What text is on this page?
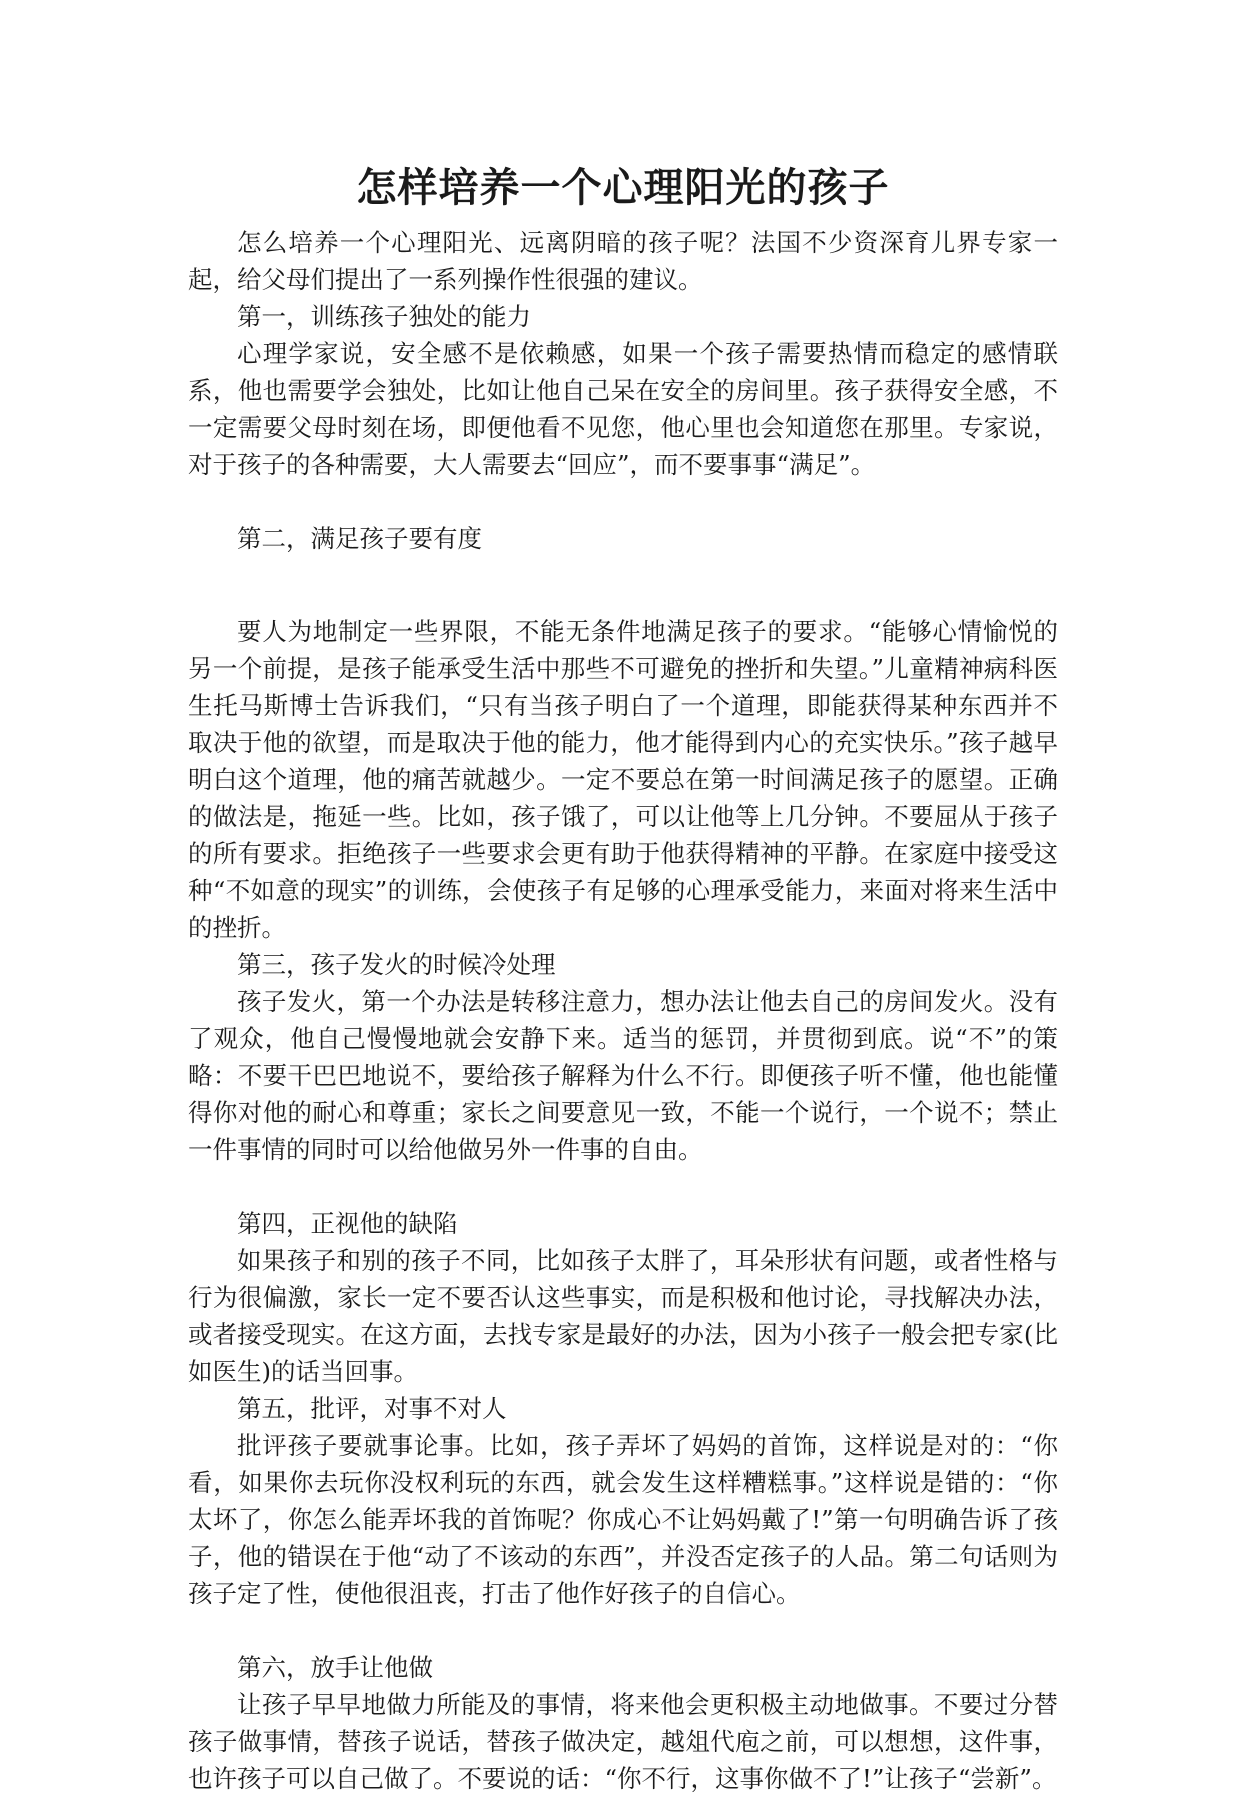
怎样培养一个心理阳光的孩子

怎么培养一个心理阳光、远离阴暗的孩子呢？法国不少资深育儿界专家一起，给父母们提出了一系列操作性很强的建议。

第一，训练孩子独处的能力

心理学家说，安全感不是依赖感，如果一个孩子需要热情而稳定的感情联系，他也需要学会独处，比如让他自己呆在安全的房间里。孩子获得安全感，不一定需要父母时刻在场，即便他看不见您，他心里也会知道您在那里。专家说，对于孩子的各种需要，大人需要去“回应”，而不要事事“满足”。

第二，满足孩子要有度

要人为地制定一些界限，不能无条件地满足孩子的要求。“能够心情愉悦的另一个前提，是孩子能承受生活中那些不可避免的挫折和失望。”儿童精神病科医生托马斯博士告诉我们，“只有当孩子明白了一个道理，即能获得某种东西并不取决于他的欲望，而是取决于他的能力，他才能得到内心的充实快乐。”孩子越早明白这个道理，他的痛苦就越少。一定不要总在第一时间满足孩子的愿望。正确的做法是，拖延一些。比如，孩子饿了，可以让他等上几分钟。不要屈从于孩子的所有要求。拒绝孩子一些要求会更有助于他获得精神的平静。在家庭中接受这种“不如意的现实”的训练，会使孩子有足够的心理承受能力，来面对将来生活中的挫折。

第三，孩子发火的时候冷处理

孩子发火，第一个办法是转移注意力，想办法让他去自己的房间发火。没有了观众，他自己慢慢地就会安静下来。适当的惩罚，并贯彻到底。说“不”的策略：不要干巴巴地说不，要给孩子解释为什么不行。即便孩子听不懂，他也能懂得你对他的耐心和尊重；家长之间要意见一致，不能一个说行，一个说不；禁止一件事情的同时可以给他做另外一件事的自由。

第四，正视他的缺陷

如果孩子和别的孩子不同，比如孩子太胖了，耳朵形状有问题，或者性格与行为很偏激，家长一定不要否认这些事实，而是积极和他讨论，寻找解决办法，或者接受现实。在这方面，去找专家是最好的办法，因为小孩子一般会把专家(比如医生)的话当回事。

第五，批评，对事不对人

批评孩子要就事论事。比如，孩子弄坏了妈妈的首饰，这样说是对的：“你看，如果你去玩你没权利玩的东西，就会发生这样糟糕事。”这样说是错的：“你太坏了，你怎么能弄坏我的首饰呢？你成心不让妈妈戴了!”第一句明确告诉了孩子，他的错误在于他“动了不该动的东西”，并没否定孩子的人品。第二句话则为孩子定了性，使他很沮丧，打击了他作好孩子的自信心。

第六，放手让他做

让孩子早早地做力所能及的事情，将来他会更积极主动地做事。不要过分替孩子做事情，替孩子说话，替孩子做决定，越俎代庖之前，可以想想，这件事，也许孩子可以自己做了。不要说的话：“你不行，这事你做不了!”让孩子“尝新”。
